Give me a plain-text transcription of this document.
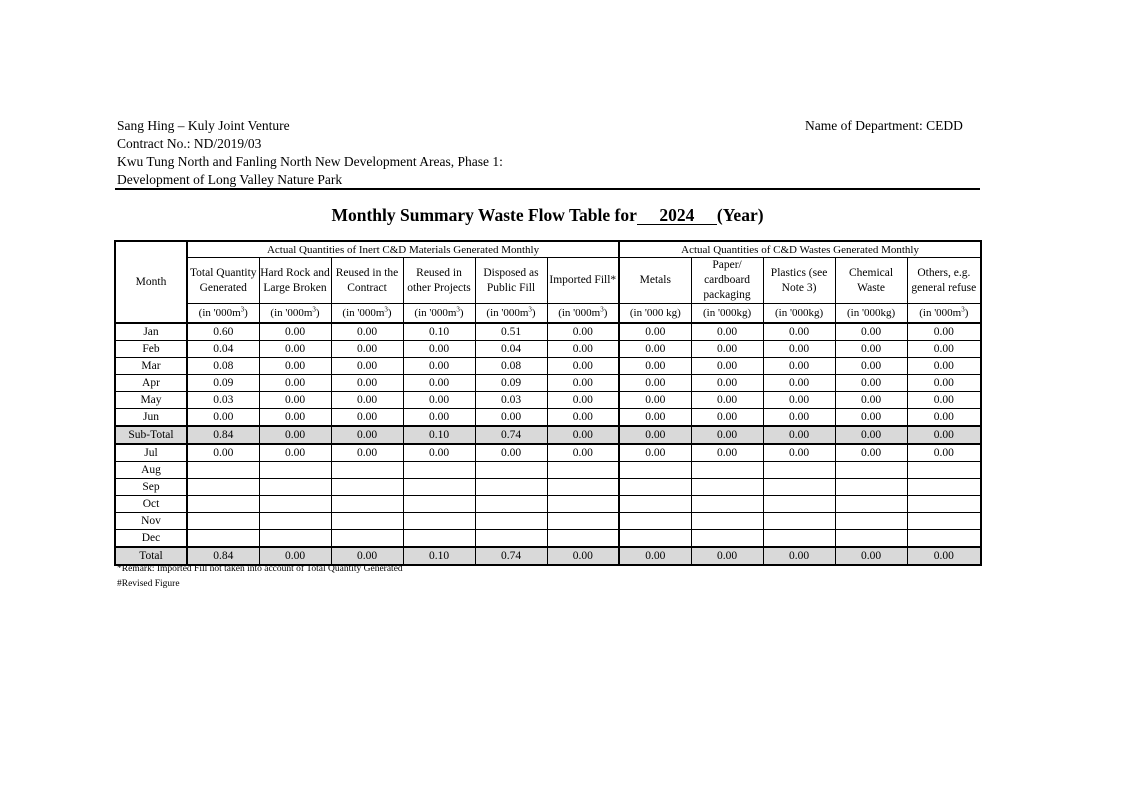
Sang Hing – Kuly Joint Venture
Contract No.: ND/2019/03
Kwu Tung North and Fanling North New Development Areas, Phase 1:
Development of Long Valley Nature Park
Name of Department: CEDD
Monthly Summary Waste Flow Table for 2024 (Year)
Month	Actual Quantities of Inert C&D Materials Generated Monthly						Actual Quantities of C&D Wastes Generated Monthly				
	Total Quantity Generated	Hard Rock and Large Broken	Reused in the Contract	Reused in other Projects	Disposed as Public Fill	Imported Fill*	Metals	Paper/ cardboard packaging	Plastics (see Note 3)	Chemical Waste	Others, e.g. general refuse
	(in '$000m^3$)	(in '$000m^3$)	(in '$000m^3$)	(in '$000m^3$)	(in '$000m^3$)	(in '$000m^3$)	(in '000 kg)	(in '000kg)	(in '000kg)	(in '000kg)	(in '$000m^3$)
Jan	0.60	0.00	0.00	0.10	0.51	0.00	0.00	0.00	0.00	0.00	0.00
Feb	0.04	0.00	0.00	0.00	0.04	0.00	0.00	0.00	0.00	0.00	0.00
Mar	0.08	0.00	0.00	0.00	0.08	0.00	0.00	0.00	0.00	0.00	0.00
Apr	0.09	0.00	0.00	0.00	0.09	0.00	0.00	0.00	0.00	0.00	0.00
May	0.03	0.00	0.00	0.00	0.03	0.00	0.00	0.00	0.00	0.00	0.00
Jun	0.00	0.00	0.00	0.00	0.00	0.00	0.00	0.00	0.00	0.00	0.00
Sub-Total	0.84	0.00	0.00	0.10	0.74	0.00	0.00	0.00	0.00	0.00	0.00
Jul	0.00	0.00	0.00	0.00	0.00	0.00	0.00	0.00	0.00	0.00	0.00
Aug											
Sep											
Oct											
Nov											
Dec											
Total	0.84	0.00	0.00	0.10	0.74	0.00	0.00	0.00	0.00	0.00	0.00
*Remark: Imported Fill not taken into account of Total Quantity Generated
#Revised Figure
